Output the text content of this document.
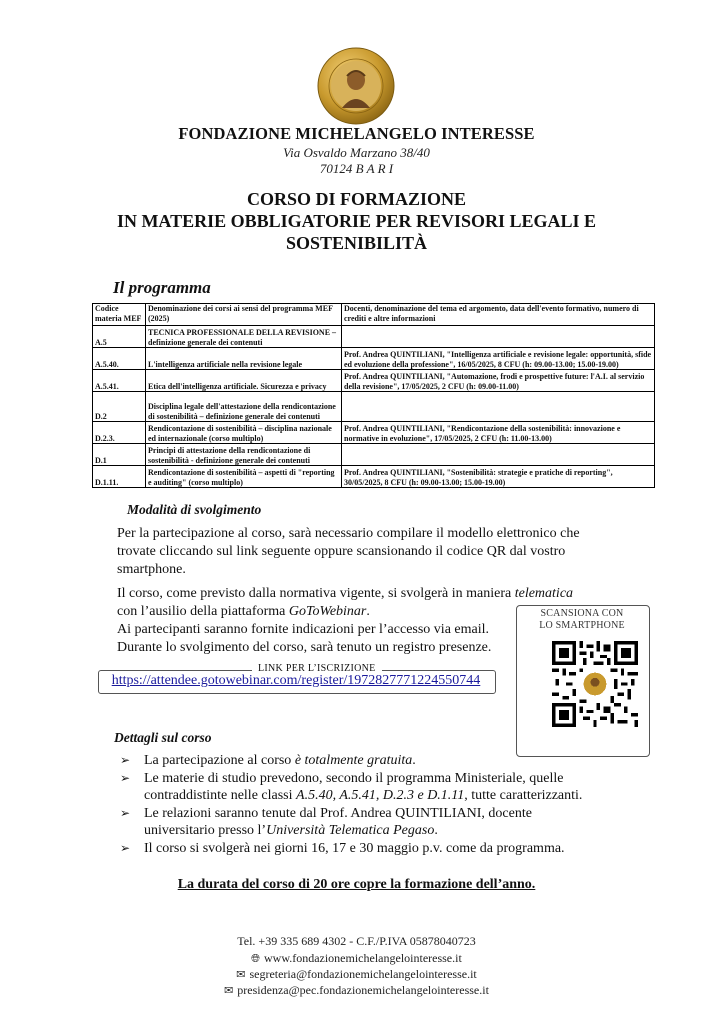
FONDAZIONE MICHELANGELO INTERESSE
Via Osvaldo Marzano 38/40
70124 B A R I
CORSO DI FORMAZIONE
IN MATERIE OBBLIGATORIE PER REVISORI LEGALI E
SOSTENIBILITÀ
Il programma
Codice materia MEF	Denominazione dei corsi ai sensi del programma MEF (2025)	Docenti, denominazione del tema ed argomento, data dell'evento formativo, numero di crediti e altre informazioni
A.5	TECNICA PROFESSIONALE DELLA REVISIONE – definizione generale dei contenuti	
A.5.40.	L'intelligenza artificiale nella revisione legale	Prof. Andrea QUINTILIANI, "Intelligenza artificiale e revisione legale: opportunità, sfide ed evoluzione della professione", 16/05/2025, 8 CFU (h: 09.00-13.00; 15.00-19.00)
A.5.41.	Etica dell'intelligenza artificiale. Sicurezza e privacy	Prof. Andrea QUINTILIANI, "Automazione, frodi e prospettive future: l'A.I. al servizio della revisione", 17/05/2025, 2 CFU (h: 09.00-11.00)
D.2	Disciplina legale dell'attestazione della rendicontazione di sostenibilità – definizione generale dei contenuti	
D.2.3.	Rendicontazione di sostenibilità – disciplina nazionale ed internazionale (corso multiplo)	Prof. Andrea QUINTILIANI, "Rendicontazione della sostenibilità: innovazione e normative in evoluzione", 17/05/2025, 2 CFU (h: 11.00-13.00)
D.1	Principi di attestazione della rendicontazione di sostenibilità - definizione generale dei contenuti	
D.1.11.	Rendicontazione di sostenibilità – aspetti di "reporting e auditing" (corso multiplo)	Prof. Andrea QUINTILIANI, "Sostenibilità: strategie e pratiche di reporting", 30/05/2025, 8 CFU (h: 09.00-13.00; 15.00-19.00)
Modalità di svolgimento

Per la partecipazione al corso, sarà necessario compilare il modello elettronico che trovate cliccando sul link seguente oppure scansionando il codice QR dal vostro smartphone.

Il corso, come previsto dalla normativa vigente, si svolgerà in maniera telematica con l’ausilio della piattaforma GoToWebinar.

Ai partecipanti saranno fornite indicazioni per l’accesso via email.

Durante lo svolgimento del corso, sarà tenuto un registro presenze.

LINK PER L’ISCRIZIONE
https://attendee.gotowebinar.com/register/1972827771224550744
SCANSIONA CON
LO SMARTPHONE
Dettagli sul corso
➢ La partecipazione al corso è totalmente gratuita.
➢ Le materie di studio prevedono, secondo il programma Ministeriale, quelle contraddistinte nelle classi A.5.40, A.5.41, D.2.3 e D.1.11, tutte caratterizzanti.
➢ Le relazioni saranno tenute dal Prof. Andrea QUINTILIANI, docente universitario presso l’Università Telematica Pegaso.
➢ Il corso si svolgerà nei giorni 16, 17 e 30 maggio p.v. come da programma.
La durata del corso di 20 ore copre la formazione dell’anno.
Tel. +39 335 689 4302 - C.F./P.IVA 05878040723
🌐︎ www.fondazionemichelangelointeresse.it
✉ segreteria@fondazionemichelangelointeresse.it
✉ presidenza@pec.fondazionemichelangelointeresse.it
